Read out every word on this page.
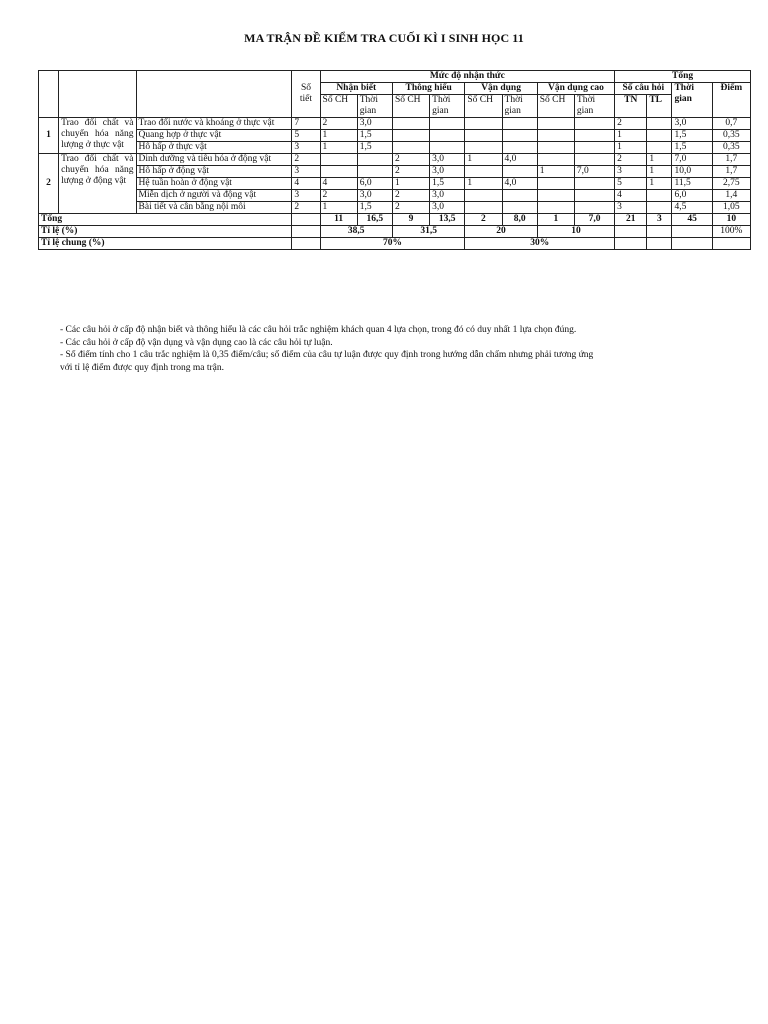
MA TRẬN ĐỀ KIỂM TRA CUỐI KÌ I SINH HỌC 11
			Số tiết	Mức độ nhận thức								Tổng			
				Nhận biết		Thông hiểu		Vận dụng		Vận dụng cao		Số câu hỏi		Thời gian	Điểm
				Số CH	Thời gian	Số CH	Thời gian	Số CH	Thời gian	Số CH	Thời gian	TN	TL		
1	Trao đổi chất và chuyển hóa năng lượng ở thực vật	Trao đổi nước và khoáng ở thực vật	7	2	3,0							2		3,0	0,7
		Quang hợp ở thực vật	5	1	1,5							1		1,5	0,35
		Hô hấp ở thực vật	3	1	1,5							1		1,5	0,35
2	Trao đổi chất và chuyển hóa năng lượng ở động vật	Dinh dưỡng và tiêu hóa ở động vật	2			2	3,0	1	4,0			2	1	7,0	1,7
		Hô hấp ở động vật	3			2	3,0			1	7,0	3	1	10,0	1,7
		Hệ tuần hoàn ở động vật	4	4	6,0	1	1,5	1	4,0			5	1	11,5	2,75
		Miễn dịch ở người và động vật	3	2	3,0	2	3,0					4		6,0	1,4
		Bài tiết và cân bằng nội môi	2	1	1,5	2	3,0					3		4,5	1,05
Tổng				11	16,5	9	13,5	2	8,0	1	7,0	21	3	45	10
Tỉ lệ (%)				38,5		31,5		20		10					100%
Tỉ lệ chung (%)				70%				30%							

- Các câu hỏi ở cấp độ nhận biết và thông hiểu là các câu hỏi trắc nghiệm khách quan 4 lựa chọn, trong đó có duy nhất 1 lựa chọn đúng.

- Các câu hỏi ở cấp độ vận dụng và vận dụng cao là các câu hỏi tự luận.

- Số điểm tính cho 1 câu trắc nghiệm là 0,35 điểm/câu; số điểm của câu tự luận được quy định trong hướng dẫn chấm nhưng phải tương ứng

với tỉ lệ điểm được quy định trong ma trận.
